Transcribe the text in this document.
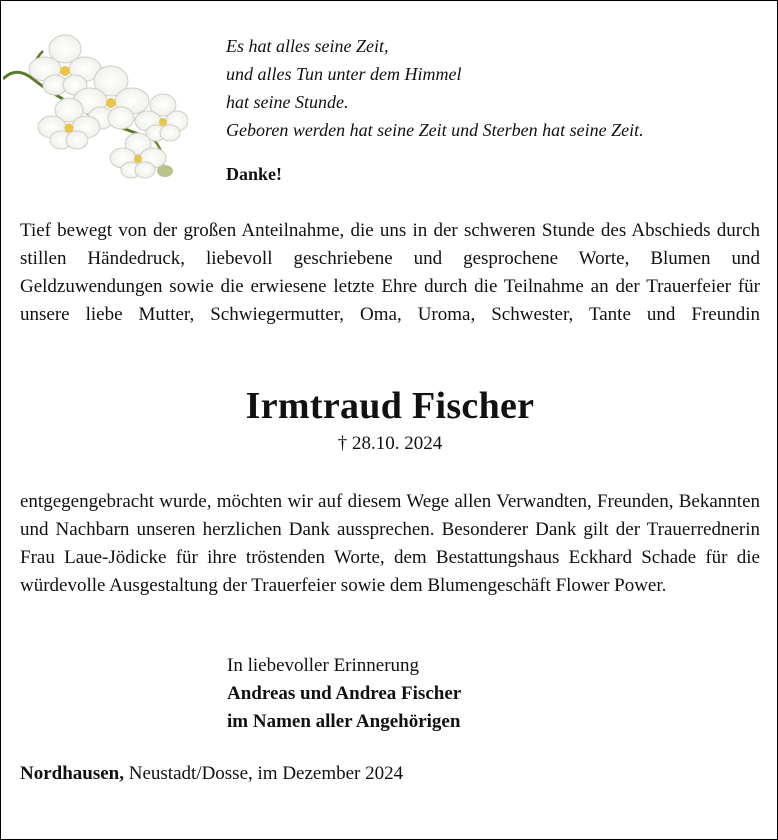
Es hat alles seine Zeit,
und alles Tun unter dem Himmel
hat seine Stunde.
Geboren werden hat seine Zeit und Sterben hat seine Zeit.
Danke!
Tief bewegt von der großen Anteilnahme, die uns in der schweren Stunde des Abschieds durch stillen Händedruck, liebevoll geschriebene und gesprochene Worte, Blumen und Geldzuwendungen sowie die erwiesene letzte Ehre durch die Teilnahme an der Trauerfeier für unsere liebe Mutter, Schwiegermutter, Oma, Uroma, Schwester, Tante und Freundin
Irmtraud Fischer
† 28.10. 2024
entgegengebracht wurde, möchten wir auf diesem Wege allen Verwandten, Freunden, Bekannten und Nachbarn unseren herzlichen Dank aussprechen. Besonderer Dank gilt der Trauerrednerin Frau Laue-Jödicke für ihre tröstenden Worte, dem Bestattungshaus Eckhard Schade für die würdevolle Ausgestaltung der Trauerfeier sowie dem Blumengeschäft Flower Power.
In liebevoller Erinnerung
Andreas und Andrea Fischer
im Namen aller Angehörigen
Nordhausen, Neustadt/Dosse, im Dezember 2024
